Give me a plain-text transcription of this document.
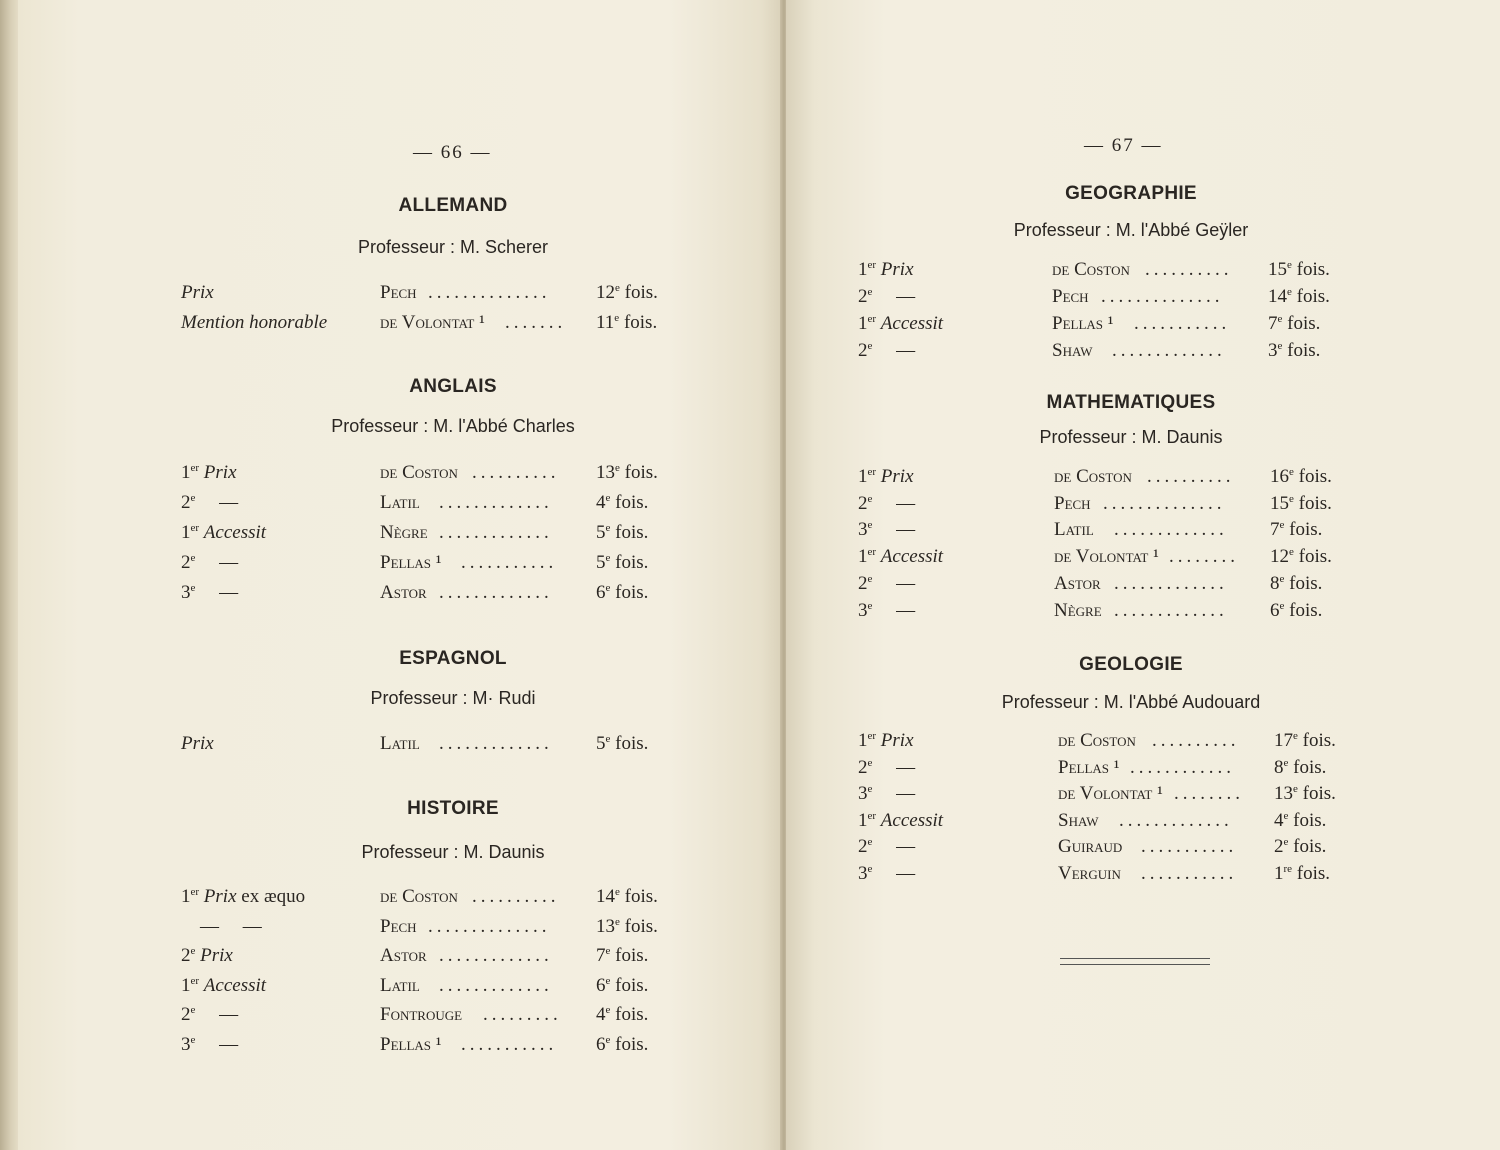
— 66 —
ALLEMAND
Professeur : M. Scherer
Prix	Pech .............. 12e fois.
Mention honorable	de Volontat ¹ ....... 11e fois.
ANGLAIS
Professeur : M. l'Abbé Charles
1er Prix	de Coston .......... 13e fois.
2e  —	Latil ............. 4e fois.
1er Accessit	Nègre ............. 5e fois.
2e  —	Pellas ¹ ........... 5e fois.
3e  —	Astor ............. 6e fois.
ESPAGNOL
Professeur : M· Rudi
Prix	Latil ............. 5e fois.
HISTOIRE
Professeur : M. Daunis
1er Prix ex æquo	de Coston .......... 14e fois.
 —  —	Pech .............. 13e fois.
2e Prix	Astor ............. 7e fois.
1er Accessit	Latil ............. 6e fois.
2e  —	Fontrouge ......... 4e fois.
3e  —	Pellas ¹ ........... 6e fois.
— 67 —
GEOGRAPHIE
Professeur : M. l'Abbé Geÿler
1er Prix	de Coston .......... 15e fois.
2e  —	Pech .............. 14e fois.
1er Accessit	Pellas ¹ ........... 7e fois.
2e  —	Shaw ............. 3e fois.
MATHEMATIQUES
Professeur : M. Daunis
1er Prix	de Coston .......... 16e fois.
2e  —	Pech .............. 15e fois.
3e  —	Latil ............. 7e fois.
1er Accessit	de Volontat ¹ ........ 12e fois.
2e  —	Astor ............. 8e fois.
3e  —	Nègre ............. 6e fois.
GEOLOGIE
Professeur : M. l'Abbé Audouard
1er Prix	de Coston .......... 17e fois.
2e  —	Pellas ¹ ............ 8e fois.
3e  —	de Volontat ¹ ........ 13e fois.
1er Accessit	Shaw ............. 4e fois.
2e  —	Guiraud ........... 2e fois.
3e  —	Verguin ........... 1re fois.
